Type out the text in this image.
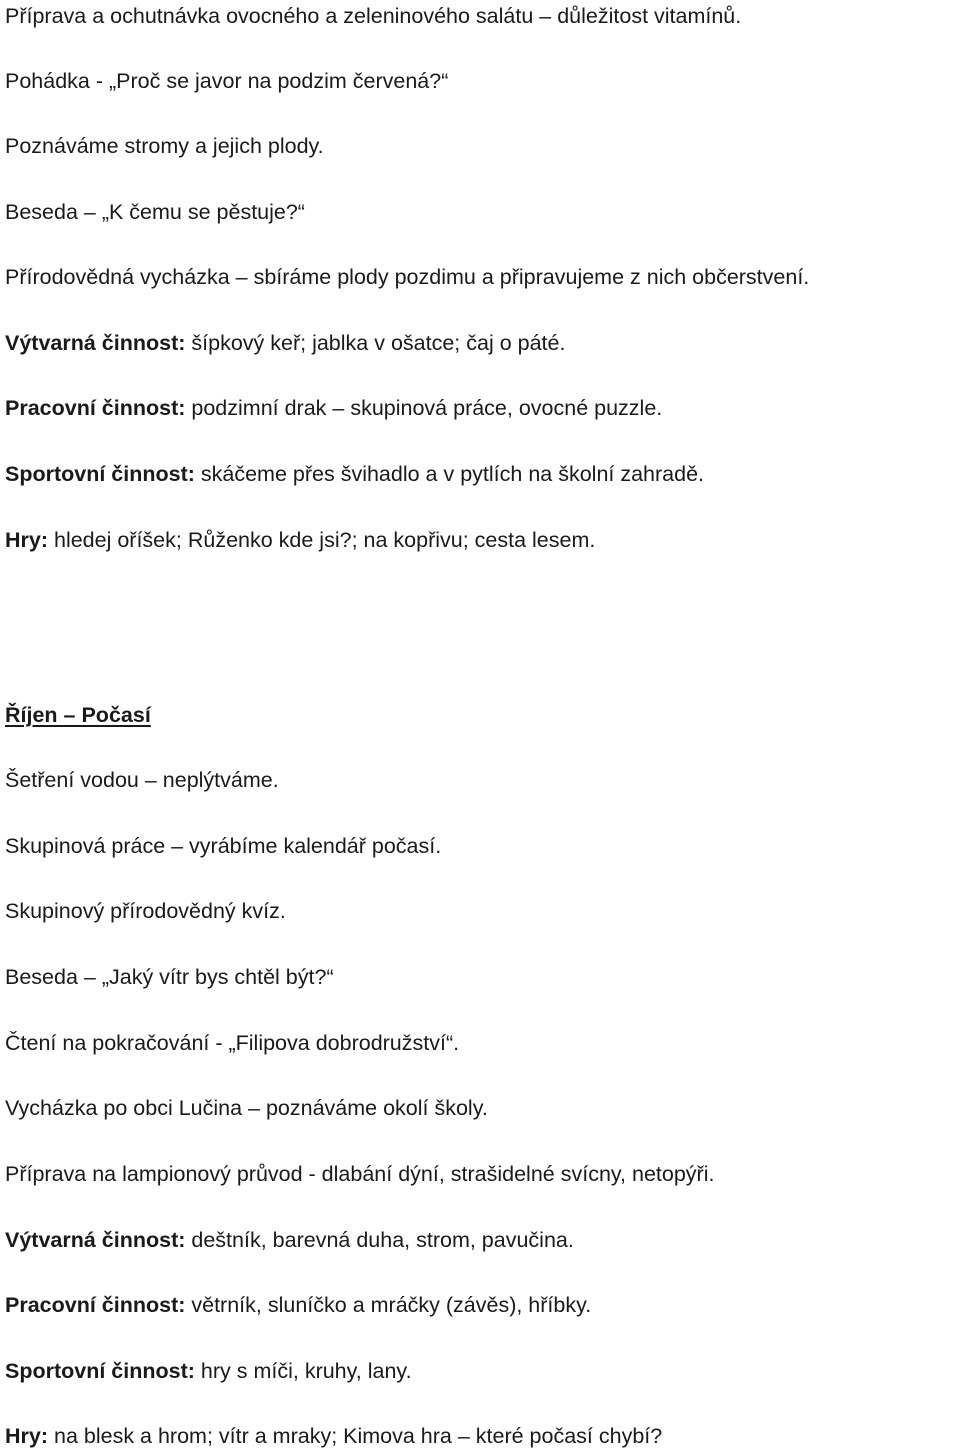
Příprava a ochutnávka ovocného a zeleninového salátu – důležitost vitamínů.

Pohádka - „Proč se javor na podzim červená?“

Poznáváme stromy a jejich plody.

Beseda – „K čemu se pěstuje?“

Přírodovědná vycházka – sbíráme plody pozdimu a připravujeme z nich občerstvení.

Výtvarná činnost: šípkový keř; jablka v ošatce; čaj o páté.

Pracovní činnost: podzimní drak – skupinová práce, ovocné puzzle.

Sportovní činnost: skáčeme přes švihadlo a v pytlích na školní zahradě.

Hry: hledej oříšek; Růženko kde jsi?; na kopřivu; cesta lesem.

Říjen – Počasí

Šetření vodou – neplýtváme.

Skupinová práce – vyrábíme kalendář počasí.

Skupinový přírodovědný kvíz.

Beseda – „Jaký vítr bys chtěl být?“

Čtení na pokračování - „Filipova dobrodružství“.

Vycházka po obci Lučina – poznáváme okolí školy.

Příprava na lampionový průvod - dlabání dýní, strašidelné svícny, netopýři.

Výtvarná činnost: deštník, barevná duha, strom, pavučina.

Pracovní činnost: větrník, sluníčko a mráčky (závěs), hříbky.

Sportovní činnost: hry s míči, kruhy, lany.

Hry: na blesk a hrom; vítr a mraky; Kimova hra – které počasí chybí?
